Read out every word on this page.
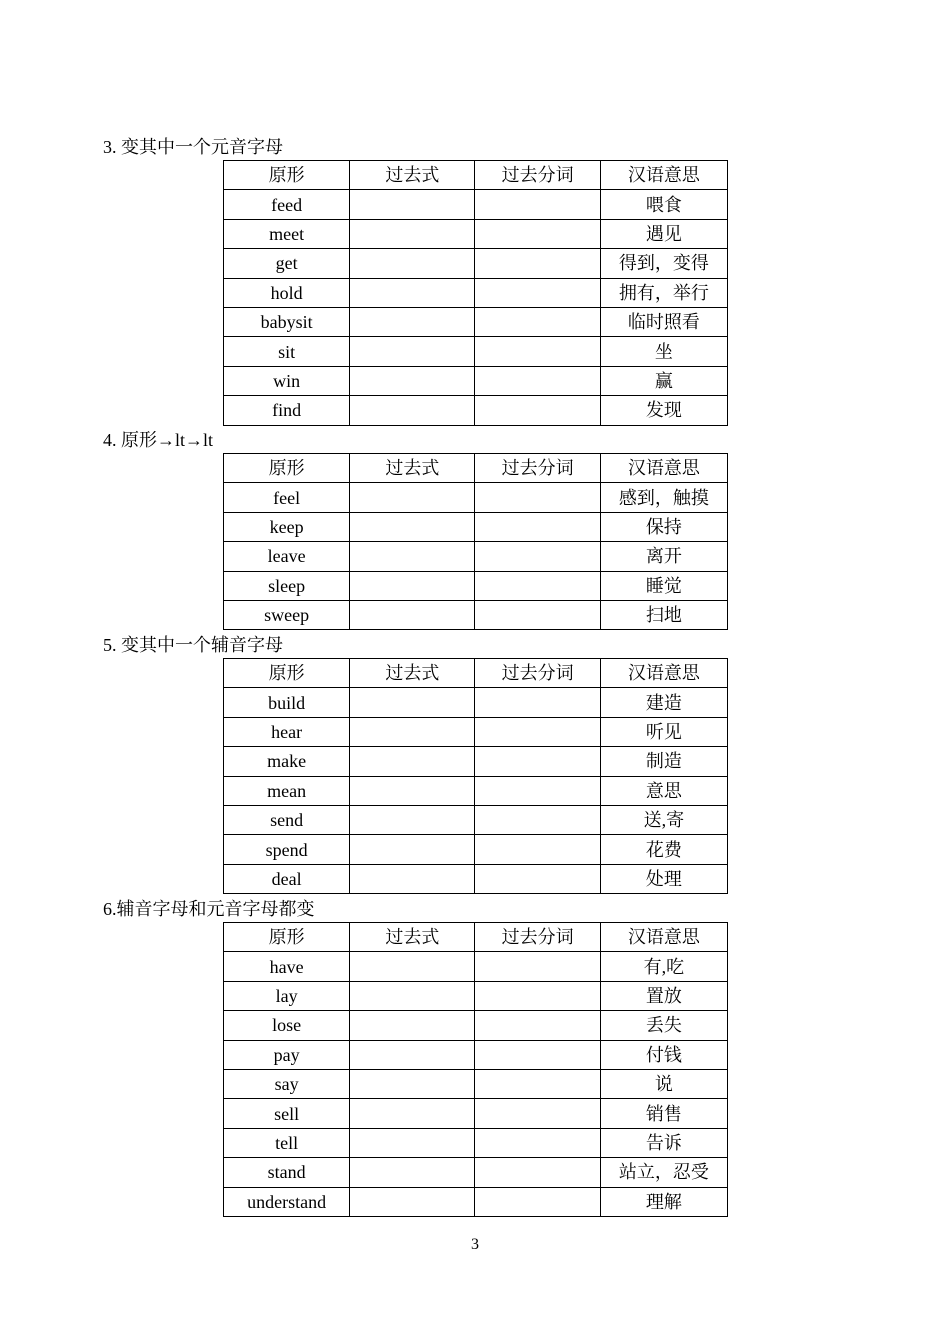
3. 变其中一个元音字母
原形	过去式	过去分词	汉语意思
feed			喂食
meet			遇见
get			得到，变得
hold			拥有，举行
babysit			临时照看
sit			坐
win			赢
find			发现
4. 原形→lt→lt
原形	过去式	过去分词	汉语意思
feel			感到，触摸
keep			保持
leave			离开
sleep			睡觉
sweep			扫地
5. 变其中一个辅音字母
原形	过去式	过去分词	汉语意思
build			建造
hear			听见
make			制造
mean			意思
send			送,寄
spend			花费
deal			处理
6.辅音字母和元音字母都变
原形	过去式	过去分词	汉语意思
have			有,吃
lay			置放
lose			丢失
pay			付钱
say			说
sell			销售
tell			告诉
stand			站立，忍受
understand			理解
3
